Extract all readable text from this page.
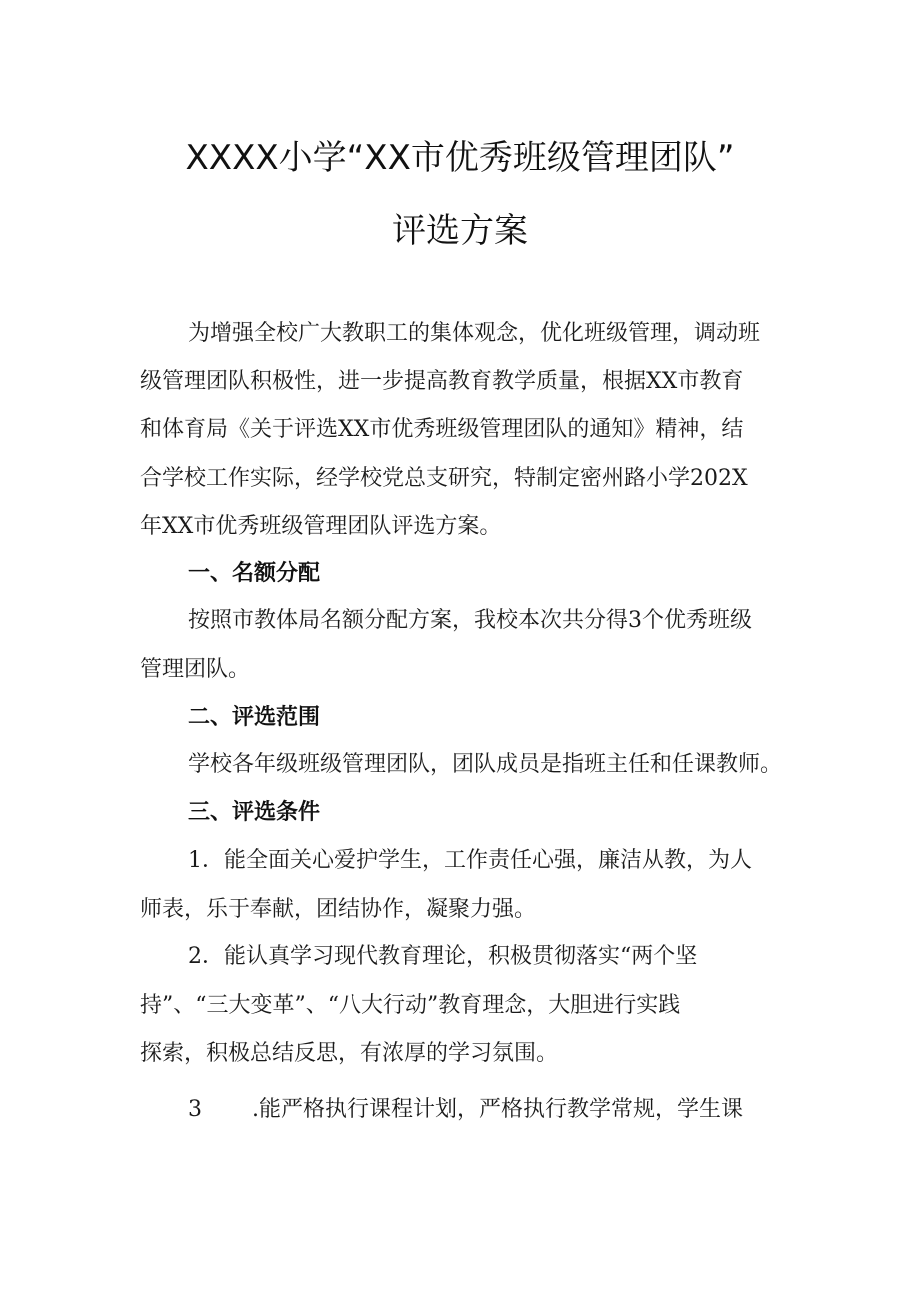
XXXX小学“XX市优秀班级管理团队”
评选方案
为增强全校广大教职工的集体观念，优化班级管理，调动班
级管理团队积极性，进一步提高教育教学质量，根据XX市教育
和体育局《关于评选XX市优秀班级管理团队的通知》精神，结
合学校工作实际，经学校党总支研究，特制定密州路小学202X
年XX市优秀班级管理团队评选方案。
一、名额分配
按照市教体局名额分配方案，我校本次共分得3个优秀班级
管理团队。
二、评选范围
学校各年级班级管理团队，团队成员是指班主任和任课教师。
三、评选条件
1．能全面关心爱护学生，工作责任心强，廉洁从教，为人
师表，乐于奉献，团结协作，凝聚力强。
2．能认真学习现代教育理论，积极贯彻落实“两个坚
持”、“三大变革”、“八大行动”教育理念，大胆进行实践
探索，积极总结反思，有浓厚的学习氛围。
3 .能严格执行课程计划，严格执行教学常规，学生课
